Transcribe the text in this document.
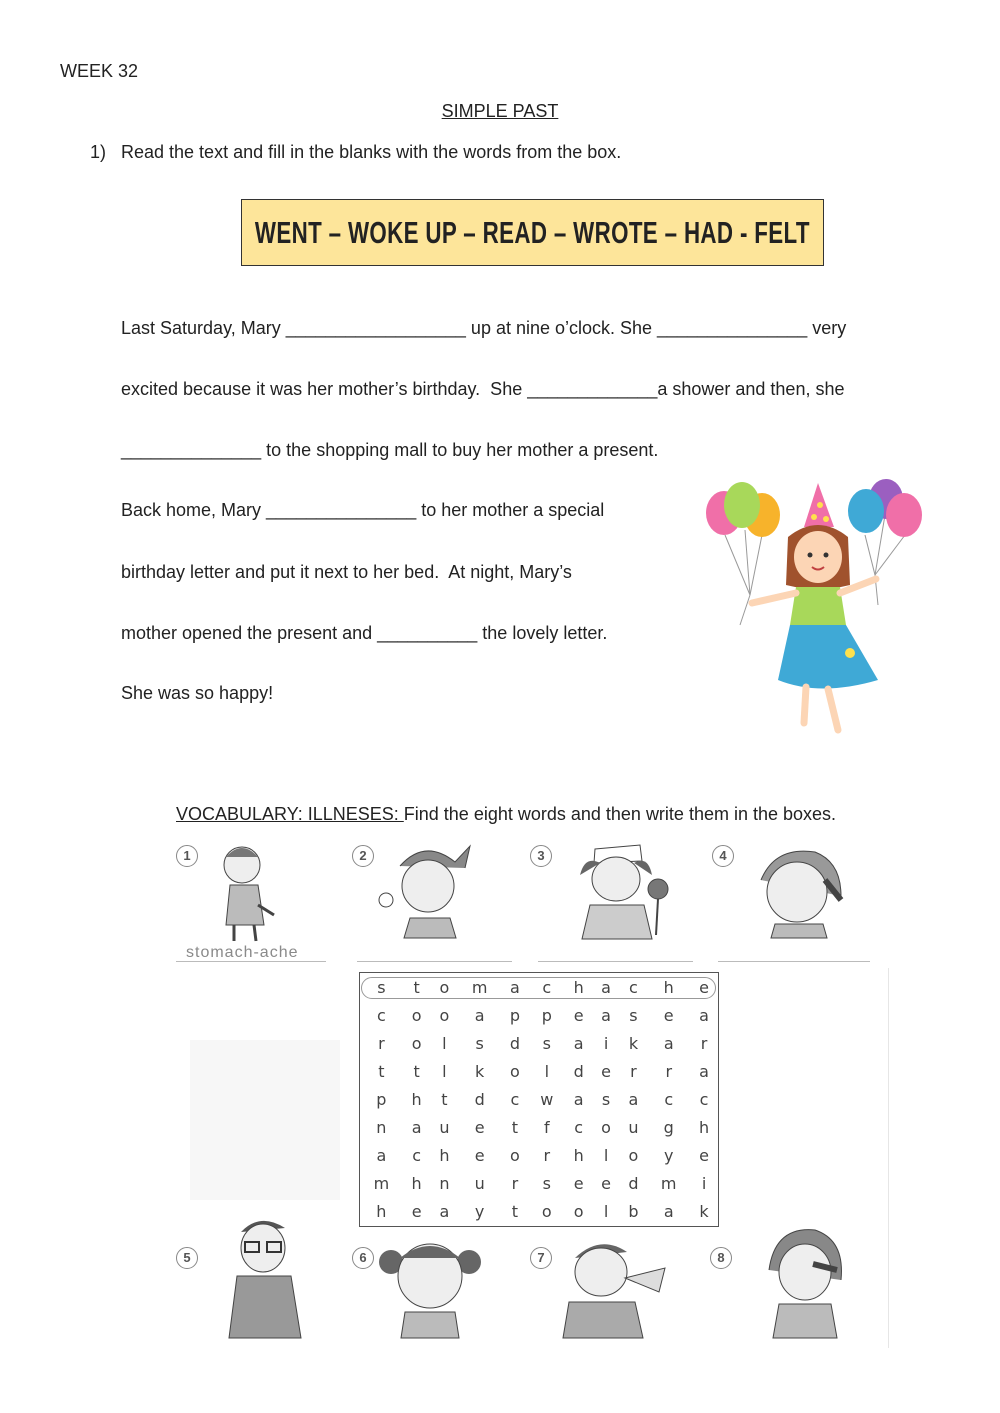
WEEK 32
SIMPLE PAST
1) Read the text and fill in the blanks with the words from the box.
WENT – WOKE UP – READ – WROTE – HAD - FELT
Last Saturday, Mary __________________ up at nine o’clock. She _______________ very
excited because it was her mother’s birthday.  She _____________a shower and then, she
______________ to the shopping mall to buy her mother a present.
Back home, Mary _______________ to her mother a special
birthday letter and put it next to her bed.  At night, Mary’s
mother opened the present and __________ the lovely letter.
She was so happy!
VOCABULARY: ILLNESES: Find the eight words and then write them in the boxes.
1	2	3	4
stomach-ache
s	t	o	m	a	c	h	a	c	h	e
c	o	o	a	p	p	e	a	s	e	a
r	o	l	s	d	s	a	i	k	a	r
t	t	l	k	o	l	d	e	r	r	a
p	h	t	d	c	w	a	s	a	c	c
n	a	u	e	t	f	c	o	u	g	h
a	c	h	e	o	r	h	l	o	y	e
m	h	n	u	r	s	e	e	d	m	i
h	e	a	y	t	o	o	l	b	a	k
5	6	7	8
